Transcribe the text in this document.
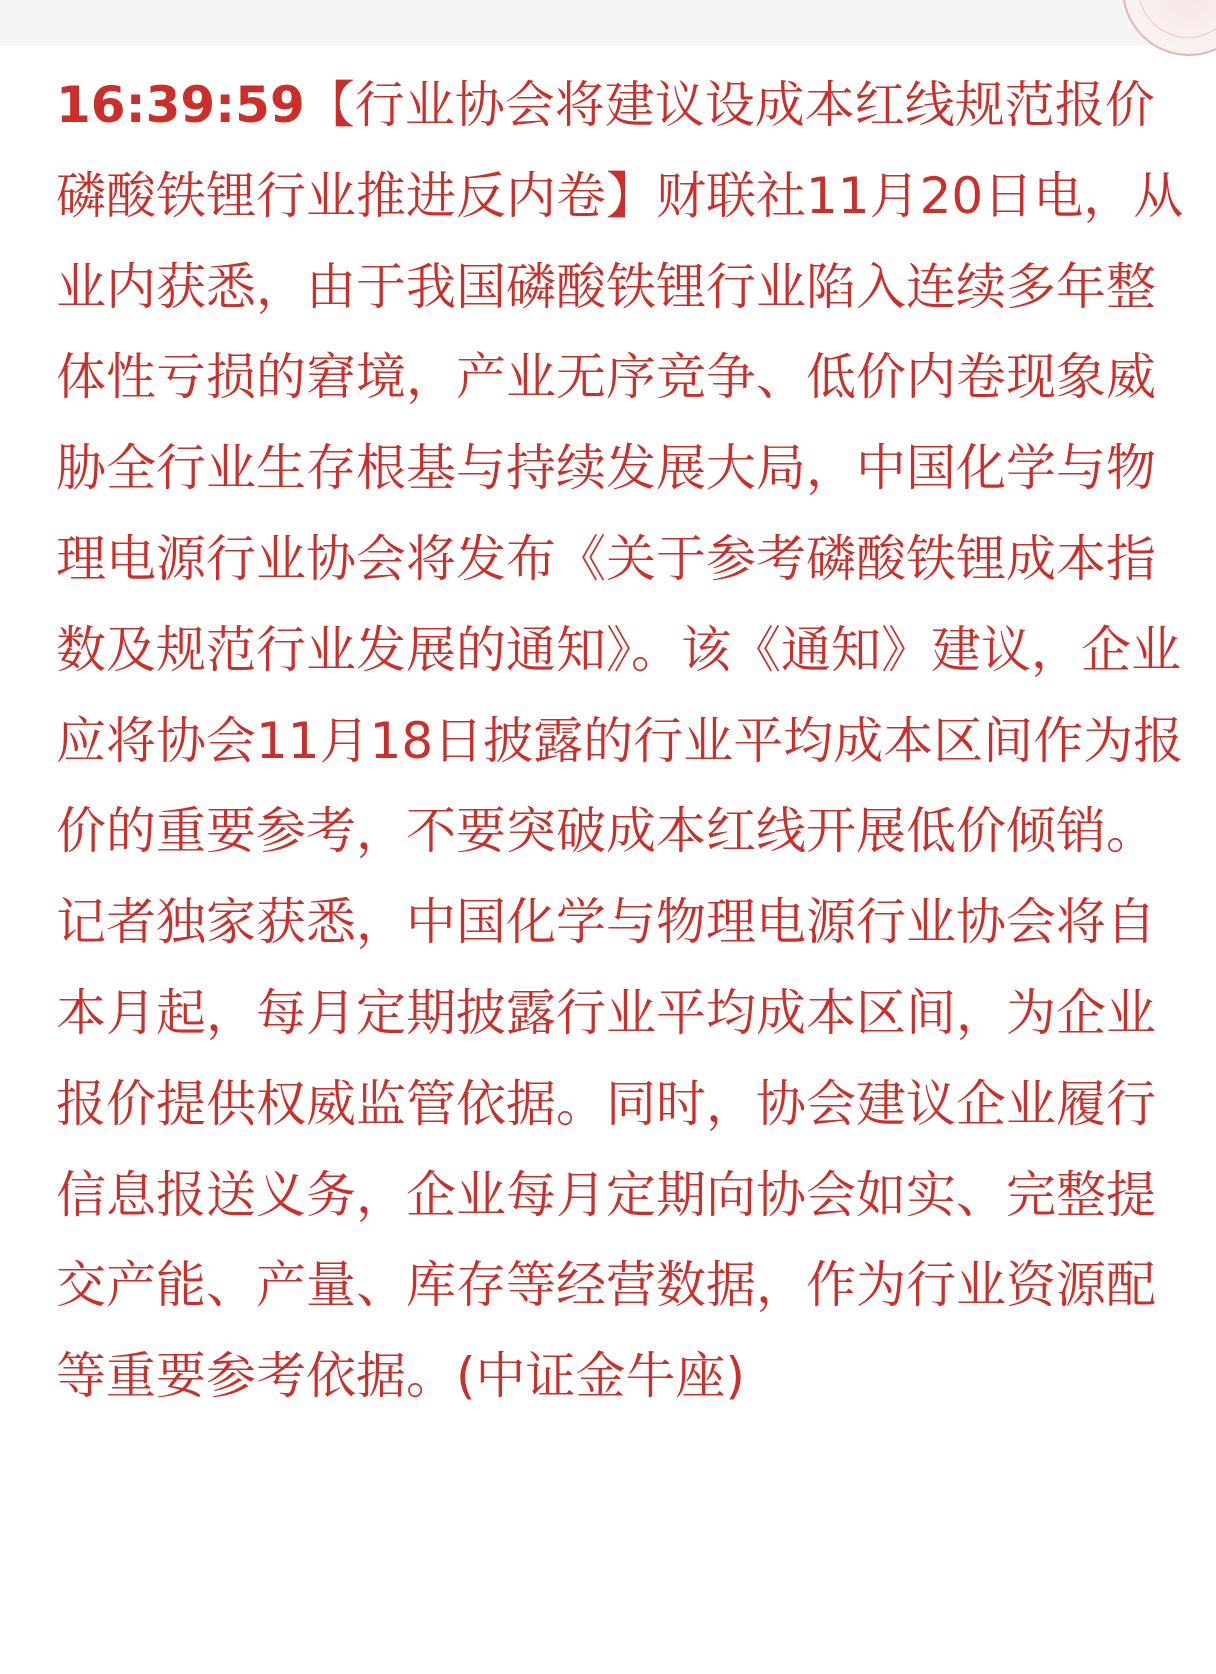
16:39:59【行业协会将建议设成本红线规范报价 磷酸铁锂行业推进反内卷】财联社11月20日电，从业内获悉，由于我国磷酸铁锂行业陷入连续多年整体性亏损的窘境，产业无序竞争、低价内卷现象威胁全行业生存根基与持续发展大局，中国化学与物理电源行业协会将发布《关于参考磷酸铁锂成本指数及规范行业发展的通知》。该《通知》建议，企业应将协会11月18日披露的行业平均成本区间作为报价的重要参考，不要突破成本红线开展低价倾销。记者独家获悉，中国化学与物理电源行业协会将自本月起，每月定期披露行业平均成本区间，为企业报价提供权威监管依据。同时，协会建议企业履行信息报送义务，企业每月定期向协会如实、完整提交产能、产量、库存等经营数据，作为行业资源配等重要参考依据。(中证金牛座)
